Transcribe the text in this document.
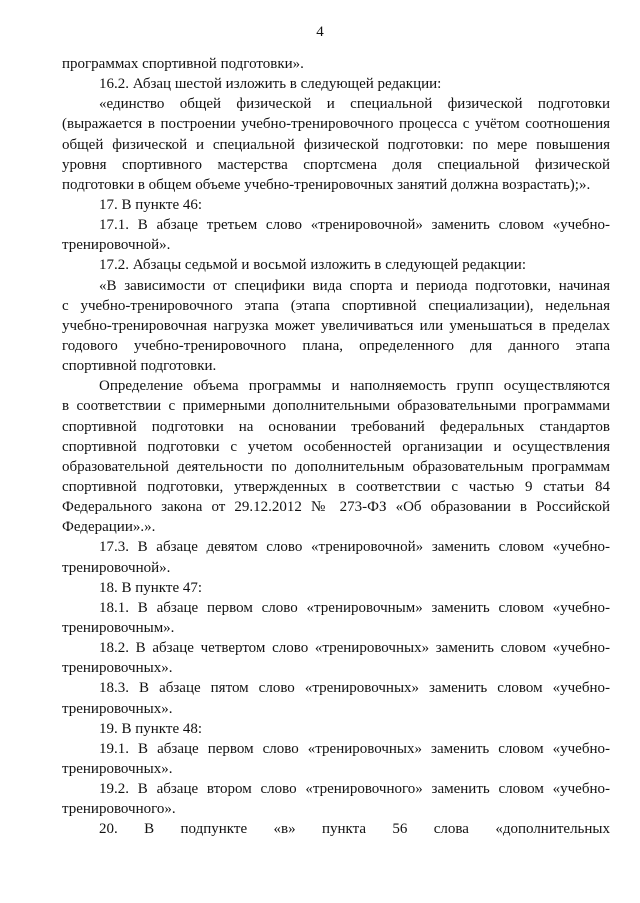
4
программах спортивной подготовки».
16.2. Абзац шестой изложить в следующей редакции:
«единство общей физической и специальной физической подготовки
(выражается в построении учебно-тренировочного процесса с учётом соотношения
общей физической и специальной физической подготовки: по мере повышения
уровня спортивного мастерства спортсмена доля специальной физической
подготовки в общем объеме учебно-тренировочных занятий должна возрастать);».
17. В пункте 46:
17.1. В абзаце третьем слово «тренировочной» заменить словом «учебно-
тренировочной».
17.2. Абзацы седьмой и восьмой изложить в следующей редакции:
«В зависимости от специфики вида спорта и периода подготовки, начиная
с учебно-тренировочного этапа (этапа спортивной специализации), недельная
учебно-тренировочная нагрузка может увеличиваться или уменьшаться в пределах
годового учебно-тренировочного плана, определенного для данного этапа
спортивной подготовки.
Определение объема программы и наполняемость групп осуществляются
в соответствии с примерными дополнительными образовательными программами
спортивной подготовки на основании требований федеральных стандартов
спортивной подготовки с учетом особенностей организации и осуществления
образовательной деятельности по дополнительным образовательным программам
спортивной подготовки, утвержденных в соответствии с частью 9 статьи 84
Федерального закона от 29.12.2012 № 273-ФЗ «Об образовании в Российской
Федерации».».
17.3. В абзаце девятом слово «тренировочной» заменить словом «учебно-
тренировочной».
18. В пункте 47:
18.1. В абзаце первом слово «тренировочным» заменить словом «учебно-
тренировочным».
18.2. В абзаце четвертом слово «тренировочных» заменить словом «учебно-
тренировочных».
18.3. В абзаце пятом слово «тренировочных» заменить словом «учебно-
тренировочных».
19. В пункте 48:
19.1. В абзаце первом слово «тренировочных» заменить словом «учебно-
тренировочных».
19.2. В абзаце втором слово «тренировочного» заменить словом «учебно-
тренировочного».
20. В подпункте «в» пункта 56 слова «дополнительных
